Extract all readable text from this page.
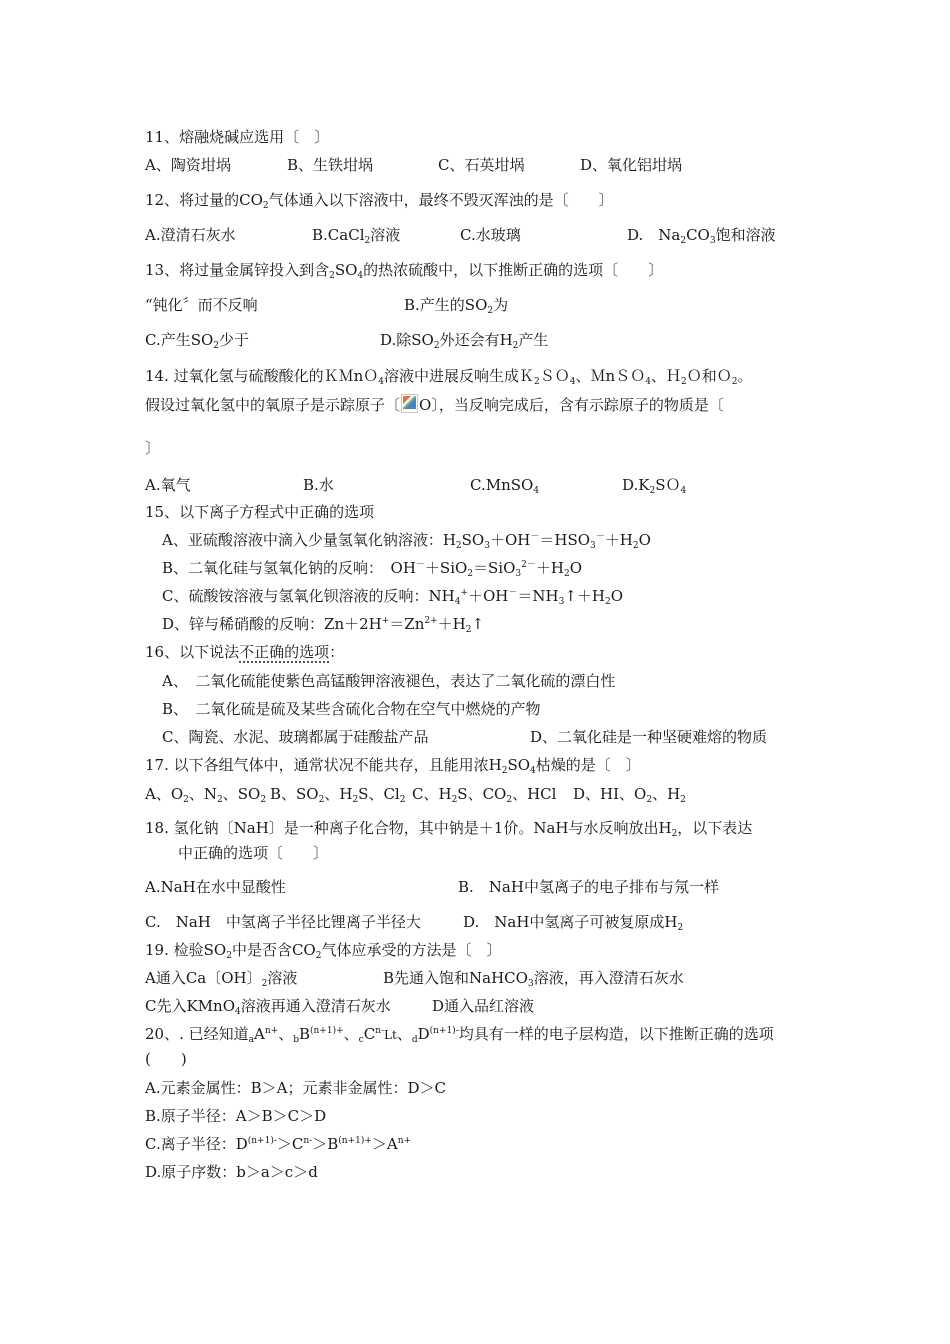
11、熔融烧碱应选用〔　〕
A、陶资坩埚	B、生铁坩埚	C、石英坩埚	D、氧化铝坩埚
12、将过量的$CO_2$气体通入以下溶液中，最终不毁灭浑浊的是〔　　〕
A.澄清石灰水	B.CaCl$_2$溶液	C.水玻璃	D.　$Na_2CO_3$饱和溶液
13、将过量金属锌投入到含$_2SO_4$的热浓硫酸中，以下推断正确的选项〔　　〕
“钝化〞而不反响	B.产生的$SO_2$为
C.产生$SO_2$少于	D.除$SO_2$外还会有$H_2$产生
14. 过氧化氢与硫酸酸化的ＫＭnＯ$_4$溶液中进展反响生成Ｋ$_2$ＳＯ$_4$、ＭnＳＯ$_4$、Ｈ$_2$Ｏ和Ｏ$_2$。
假设过氧化氢中的氧原子是示踪原子〔 O〕，当反响完成后，含有示踪原子的物质是〔
〕
A.氧气	B.水	C.MnSO$_4$	$D.K_2SO_4$
15、以下离子方程式中正确的选项
A、亚硫酸溶液中滴入少量氢氧化钠溶液：$H_2SO_3+OH^-=HSO_3^-+H_2O$
B、二氧化硅与氢氧化钠的反响：　$OH^-+SiO_2=SiO_3^{2-}+H_2O$
C、硫酸铵溶液与氢氧化钡溶液的反响：$NH_4^++OH^-=NH_3↑+H_2O$
D、锌与稀硝酸的反响：$Zn+2H^+=Zn^{2+}+H_2↑$
16、以下说法不正确的选项：
A、　二氧化硫能使紫色高锰酸钾溶液褪色，表达了二氧化硫的漂白性
B、　二氧化硫是硫及某些含硫化合物在空气中燃烧的产物
C、陶瓷、水泥、玻璃都属于硅酸盐产品	D、二氧化硅是一种坚硬难熔的物质
17. 以下各组气体中，通常状况不能共存，且能用浓$H_2SO_4$枯燥的是〔　〕
A、$O_2$、$N_2$、$SO_2$ B、$SO_2$、$H_2S$、$Cl_2$ C、$H_2S$、$CO_2$、HCl D、HI、$O_2$、$H_2$
18. 氢化钠〔NaH〕是一种离子化合物，其中钠是＋1价。NaH与水反响放出$H_2$，以下表达
中正确的选项〔　　〕
A.NaH在水中显酸性	B.　NaH中氢离子的电子排布与氖一样
C.　NaH　中氢离子半径比锂离子半径大	D.　NaH中氢离子可被复原成$H_2$
19. 检验$SO_2$中是否含$CO_2$气体应承受的方法是〔　〕
A通入Ca〔OH〕$_2$溶液	B先通入饱和NaHCO$_3$溶液，再入澄清石灰水
C先入KMnO$_4$溶液再通入澄清石灰水	D通入品红溶液
20、. 已经知道$_aA^{n+}$、$_bB^{(n+1)+}$、$_cC^{n-}Lt$、$_dD^{(n+1)-}$均具有一样的电子层构造，以下推断正确的选项
(　　)
A.元素金属性：B＞A；元素非金属性：D＞C
B.原子半径：A＞B＞C＞D
C.离子半径：$D^{(n+1)-}>C^{n-}>B^{(n+1)+}>A^{n+}$
D.原子序数：b＞a＞c＞d
